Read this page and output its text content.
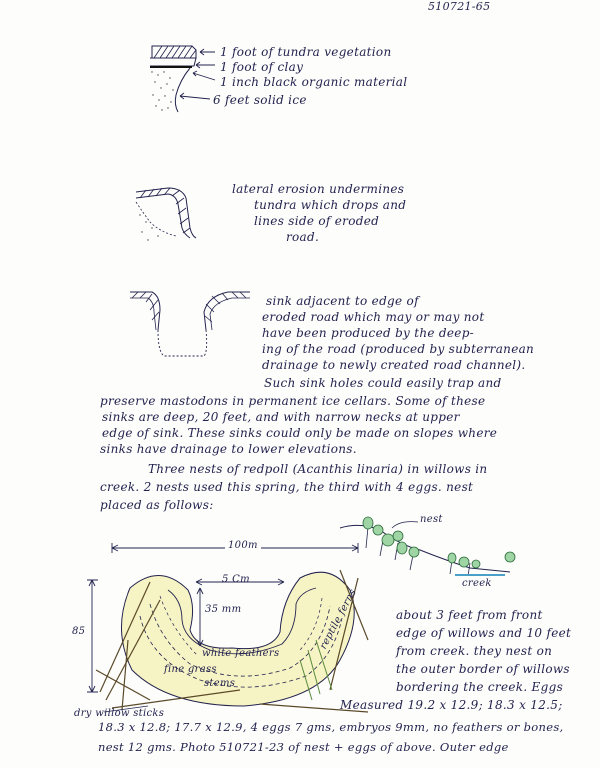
510721-65
1 foot of tundra vegetation
1 foot of clay
1 inch black organic material
6 feet solid ice
lateral erosion undermines
tundra which drops and
lines side of eroded
road.
sink adjacent to edge of
eroded road which may or may not
have been produced by the deep-
ing of the road (produced by subterranean
drainage to newly created road channel).
Such sink holes could easily trap and
preserve mastodons in permanent ice cellars. Some of these
sinks are deep, 20 feet, and with narrow necks at upper
edge of sink. These sinks could only be made on slopes where
sinks have drainage to lower elevations.
Three nests of redpoll (Acanthis linaria) in willows in
creek. 2 nests used this spring, the third with 4 eggs. nest
placed as follows:
nest
creek
100m
85
5 Cm
35 mm
white feathers
fine grass
stems
dry willow sticks
reptile ferns	about 3 feet from front
edge of willows and 10 feet
from creek. they nest on
the outer border of willows
bordering the creek. Eggs
Measured 19.2 x 12.9; 18.3 x 12.5;
18.3 x 12.8; 17.7 x 12.9, 4 eggs 7 gms, embryos 9mm, no feathers or bones,
nest 12 gms. Photo 510721-23 of nest + eggs of above. Outer edge
